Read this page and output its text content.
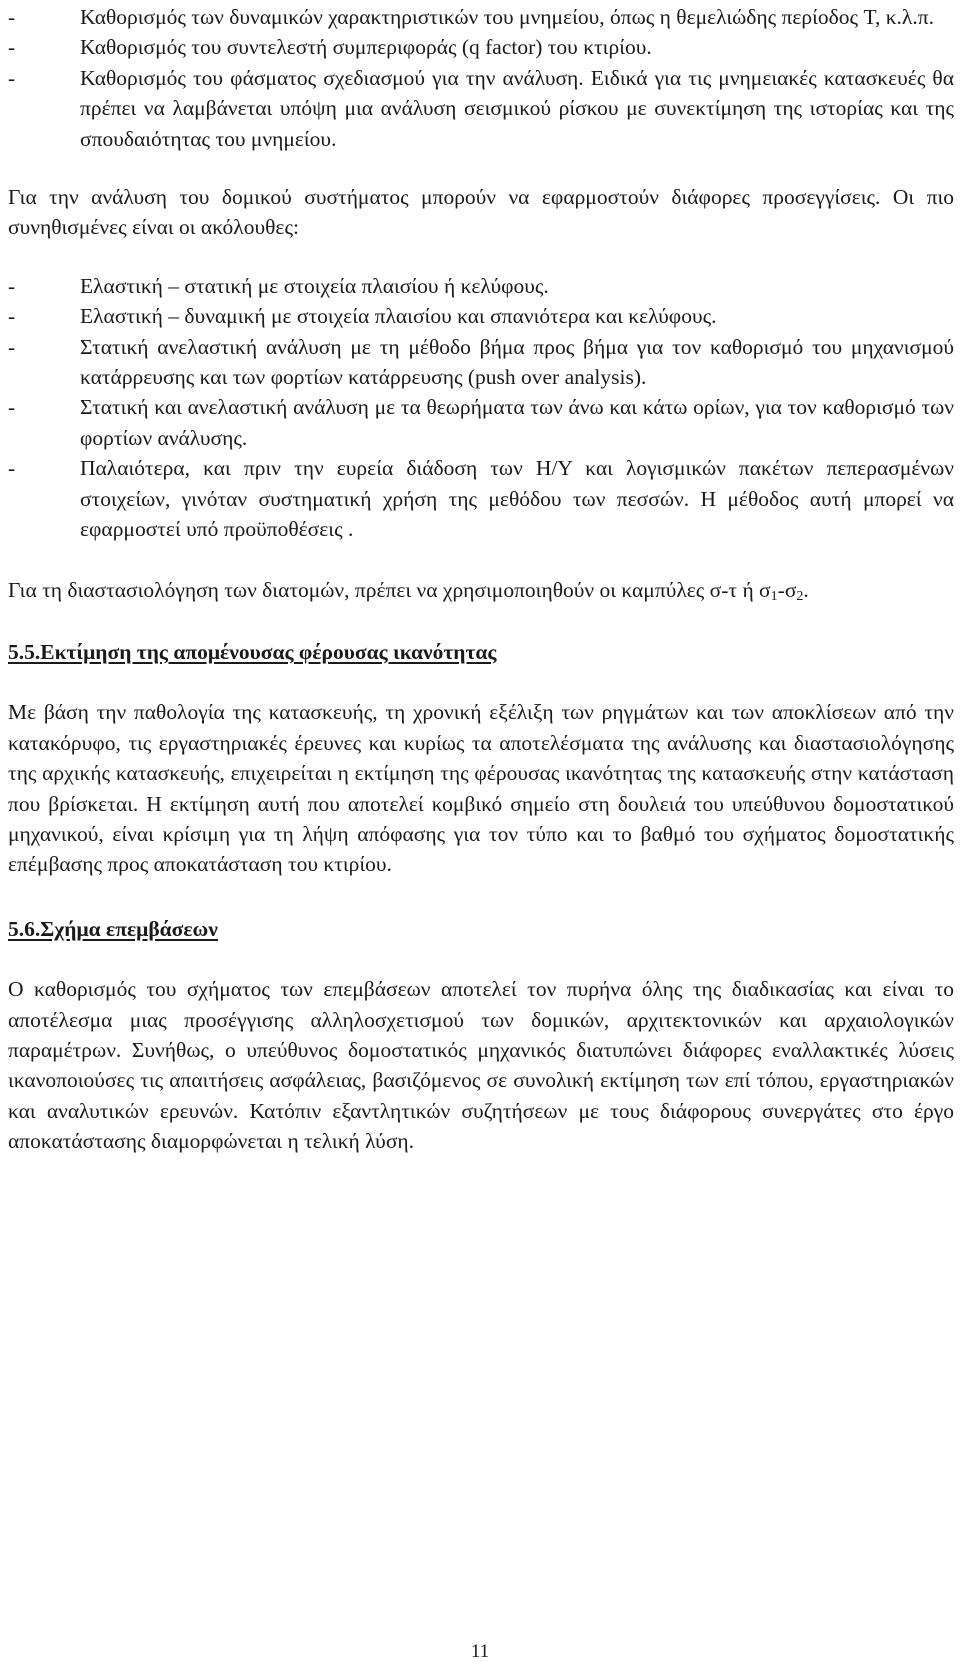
-	Καθορισμός των δυναμικών χαρακτηριστικών του μνημείου, όπως η θεμελιώδης περίοδος T, κ.λ.π.
-	Καθορισμός του συντελεστή συμπεριφοράς (q factor) του κτιρίου.
-	Καθορισμός του φάσματος σχεδιασμού για την ανάλυση. Ειδικά για τις μνημειακές κατασκευές θα πρέπει να λαμβάνεται υπόψη μια ανάλυση σεισμικού ρίσκου με συνεκτίμηση της ιστορίας και της σπουδαιότητας του μνημείου.

Για την ανάλυση του δομικού συστήματος μπορούν να εφαρμοστούν διάφορες προσεγγίσεις. Οι πιο συνηθισμένες είναι οι ακόλουθες:

-	Ελαστική – στατική με στοιχεία πλαισίου ή κελύφους.
-	Ελαστική – δυναμική με στοιχεία πλαισίου και σπανιότερα και κελύφους.
-	Στατική ανελαστική ανάλυση με τη μέθοδο βήμα προς βήμα για τον καθορισμό του μηχανισμού κατάρρευσης και των φορτίων κατάρρευσης (push over analysis).
-	Στατική και ανελαστική ανάλυση με τα θεωρήματα των άνω και κάτω ορίων, για τον καθορισμό των φορτίων ανάλυσης.
-	Παλαιότερα, και πριν την ευρεία διάδοση των Η/Υ και λογισμικών πακέτων πεπερασμένων στοιχείων, γινόταν συστηματική χρήση της μεθόδου των πεσσών. Η μέθοδος αυτή μπορεί να εφαρμοστεί υπό προϋποθέσεις .

Για τη διαστασιολόγηση των διατομών, πρέπει να χρησιμοποιηθούν οι καμπύλες σ-τ ή $\sigma_1-\sigma_2$.

5.5.Εκτίμηση της απομένουσας φέρουσας ικανότητας

Με βάση την παθολογία της κατασκευής, τη χρονική εξέλιξη των ρηγμάτων και των αποκλίσεων από την κατακόρυφο, τις εργαστηριακές έρευνες και κυρίως τα αποτελέσματα της ανάλυσης και διαστασιολόγησης της αρχικής κατασκευής, επιχειρείται η εκτίμηση της φέρουσας ικανότητας της κατασκευής στην κατάσταση που βρίσκεται. Η εκτίμηση αυτή που αποτελεί κομβικό σημείο στη δουλειά του υπεύθυνου δομοστατικού μηχανικού, είναι κρίσιμη για τη λήψη απόφασης για τον τύπο και το βαθμό του σχήματος δομοστατικής επέμβασης προς αποκατάσταση του κτιρίου.

5.6.Σχήμα επεμβάσεων

Ο καθορισμός του σχήματος των επεμβάσεων αποτελεί τον πυρήνα όλης της διαδικασίας και είναι το αποτέλεσμα μιας προσέγγισης αλληλοσχετισμού των δομικών, αρχιτεκτονικών και αρχαιολογικών παραμέτρων. Συνήθως, ο υπεύθυνος δομοστατικός μηχανικός διατυπώνει διάφορες εναλλακτικές λύσεις ικανοποιούσες τις απαιτήσεις ασφάλειας, βασιζόμενος σε συνολική εκτίμηση των επί τόπου, εργαστηριακών και αναλυτικών ερευνών. Κατόπιν εξαντλητικών συζητήσεων με τους διάφορους συνεργάτες στο έργο αποκατάστασης διαμορφώνεται η τελική λύση.

11
